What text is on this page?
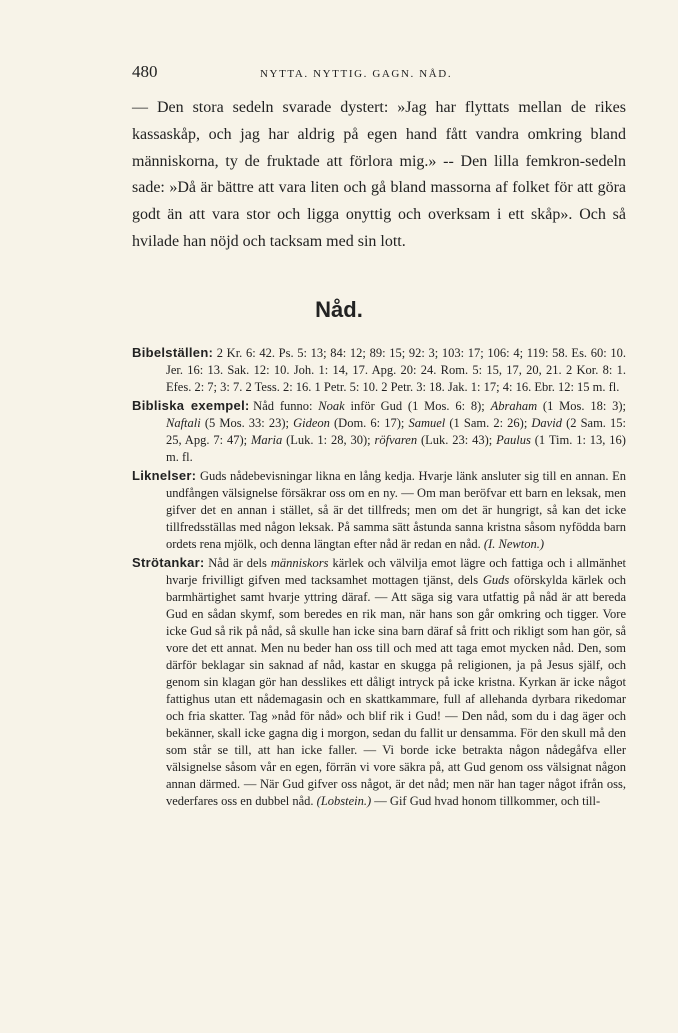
480	NYTTA. NYTTIG. GAGN. NÅD.

— Den stora sedeln svarade dystert: »Jag har flyttats mellan de rikes kassaskåp, och jag har aldrig på egen hand fått vandra omkring bland människorna, ty de fruktade att förlora mig.» -- Den lilla femkron-sedeln sade: »Då är bättre att vara liten och gå bland massorna af folket för att göra godt än att vara stor och ligga onyttig och overksam i ett skåp». Och så hvilade han nöjd och tacksam med sin lott.

Nåd.

Bibelställen: 2 Kr. 6: 42. Ps. 5: 13; 84: 12; 89: 15; 92: 3; 103: 17; 106: 4; 119: 58. Es. 60: 10. Jer. 16: 13. Sak. 12: 10. Joh. 1: 14, 17. Apg. 20: 24. Rom. 5: 15, 17, 20, 21. 2 Kor. 8: 1. Efes. 2: 7; 3: 7. 2 Tess. 2: 16. 1 Petr. 5: 10. 2 Petr. 3: 18. Jak. 1: 17; 4: 16. Ebr. 12: 15 m. fl.

Bibliska exempel: Nåd funno: Noak inför Gud (1 Mos. 6: 8); Abraham (1 Mos. 18: 3); Naftali (5 Mos. 33: 23); Gideon (Dom. 6: 17); Samuel (1 Sam. 2: 26); David (2 Sam. 15: 25, Apg. 7: 47); Maria (Luk. 1: 28, 30); röfvaren (Luk. 23: 43); Paulus (1 Tim. 1: 13, 16) m. fl.

Liknelser: Guds nådebevisningar likna en lång kedja. Hvarje länk ansluter sig till en annan. En undfången välsignelse försäkrar oss om en ny. — Om man beröfvar ett barn en leksak, men gifver det en annan i stället, så är det tillfreds; men om det är hungrigt, så kan det icke tillfredsställas med någon leksak. På samma sätt åstunda sanna kristna såsom nyfödda barn ordets rena mjölk, och denna längtan efter nåd är redan en nåd. (I. Newton.)

Strötankar: Nåd är dels människors kärlek och välvilja emot lägre och fattiga och i allmänhet hvarje frivilligt gifven med tacksamhet mottagen tjänst, dels Guds oförskylda kärlek och barmhärtighet samt hvarje yttring däraf. — Att säga sig vara utfattig på nåd är att bereda Gud en sådan skymf, som beredes en rik man, när hans son går omkring och tigger. Vore icke Gud så rik på nåd, så skulle han icke sina barn däraf så fritt och rikligt som han gör, så vore det ett annat. Men nu beder han oss till och med att taga emot mycken nåd. Den, som därför beklagar sin saknad af nåd, kastar en skugga på religionen, ja på Jesus själf, och genom sin klagan gör han desslikes ett dåligt intryck på icke kristna. Kyrkan är icke något fattighus utan ett nådemagasin och en skattkammare, full af allehanda dyrbara rikedomar och fria skatter. Tag »nåd för nåd» och blif rik i Gud! — Den nåd, som du i dag äger och bekänner, skall icke gagna dig i morgon, sedan du fallit ur densamma. För den skull må den som står se till, att han icke faller. — Vi borde icke betrakta någon nådegåfva eller välsignelse såsom vår en egen, förrän vi vore säkra på, att Gud genom oss välsignat någon annan därmed. — När Gud gifver oss något, är det nåd; men när han tager något ifrån oss, vederfares oss en dubbel nåd. (Lobstein.) — Gif Gud hvad honom tillkommer, och till-
